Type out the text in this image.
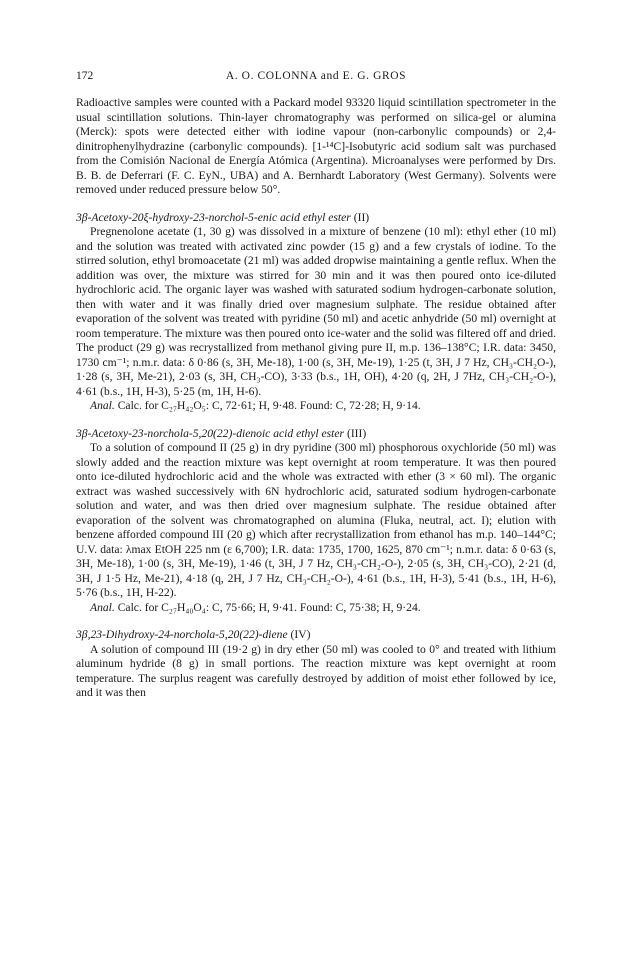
172	A. O. COLONNA and E. G. GROS

Radioactive samples were counted with a Packard model 93320 liquid scintillation spectrometer in the usual scintillation solutions. Thin-layer chromatography was performed on silica-gel or alumina (Merck): spots were detected either with iodine vapour (non-carbonylic compounds) or 2,4-dinitrophenylhydrazine (carbonylic compounds). [1-¹⁴C]-Isobutyric acid sodium salt was purchased from the Comisión Nacional de Energía Atómica (Argentina). Microanalyses were performed by Drs. B. B. de Deferrari (F. C. EyN., UBA) and A. Bernhardt Laboratory (West Germany). Solvents were removed under reduced pressure below 50°.

3β-Acetoxy-20ξ-hydroxy-23-norchol-5-enic acid ethyl ester (II)

Pregnenolone acetate (1, 30 g) was dissolved in a mixture of benzene (10 ml): ethyl ether (10 ml) and the solution was treated with activated zinc powder (15 g) and a few crystals of iodine. To the stirred solution, ethyl bromoacetate (21 ml) was added dropwise maintaining a gentle reflux. When the addition was over, the mixture was stirred for 30 min and it was then poured onto ice-diluted hydrochloric acid. The organic layer was washed with saturated sodium hydrogen-carbonate solution, then with water and it was finally dried over magnesium sulphate. The residue obtained after evaporation of the solvent was treated with pyridine (50 ml) and acetic anhydride (50 ml) overnight at room temperature. The mixture was then poured onto ice-water and the solid was filtered off and dried. The product (29 g) was recrystallized from methanol giving pure II, m.p. 136–138°C; I.R. data: 3450, 1730 cm⁻¹; n.m.r. data: δ 0·86 (s, 3H, Me-18), 1·00 (s, 3H, Me-19), 1·25 (t, 3H, J 7 Hz, CH₃-CH₂O-), 1·28 (s, 3H, Me-21), 2·03 (s, 3H, CH₃-CO), 3·33 (b.s., 1H, OH), 4·20 (q, 2H, J 7Hz, CH₃-CH₂-O-), 4·61 (b.s., 1H, H-3), 5·25 (m, 1H, H-6).

Anal. Calc. for C₂₇H₄₂O₅: C, 72·61; H, 9·48. Found: C, 72·28; H, 9·14.

3β-Acetoxy-23-norchola-5,20(22)-dienoic acid ethyl ester (III)

To a solution of compound II (25 g) in dry pyridine (300 ml) phosphorous oxychloride (50 ml) was slowly added and the reaction mixture was kept overnight at room temperature. It was then poured onto ice-diluted hydrochloric acid and the whole was extracted with ether (3 × 60 ml). The organic extract was washed successively with 6N hydrochloric acid, saturated sodium hydrogen-carbonate solution and water, and was then dried over magnesium sulphate. The residue obtained after evaporation of the solvent was chromatographed on alumina (Fluka, neutral, act. I); elution with benzene afforded compound III (20 g) which after recrystallization from ethanol has m.p. 140–144°C; U.V. data: λmax EtOH 225 nm (ε 6,700); I.R. data: 1735, 1700, 1625, 870 cm⁻¹; n.m.r. data: δ 0·63 (s, 3H, Me-18), 1·00 (s, 3H, Me-19), 1·46 (t, 3H, J 7 Hz, CH₃-CH₂-O-), 2·05 (s, 3H, CH₃-CO), 2·21 (d, 3H, J 1·5 Hz, Me-21), 4·18 (q, 2H, J 7 Hz, CH₃-CH₂-O-), 4·61 (b.s., 1H, H-3), 5·41 (b.s., 1H, H-6), 5·76 (b.s., 1H, H-22).

Anal. Calc. for C₂₇H₄₀O₄: C, 75·66; H, 9·41. Found: C, 75·38; H, 9·24.

3β,23-Dihydroxy-24-norchola-5,20(22)-diene (IV)

A solution of compound III (19·2 g) in dry ether (50 ml) was cooled to 0° and treated with lithium aluminum hydride (8 g) in small portions. The reaction mixture was kept overnight at room temperature. The surplus reagent was carefully destroyed by addition of moist ether followed by ice, and it was then
